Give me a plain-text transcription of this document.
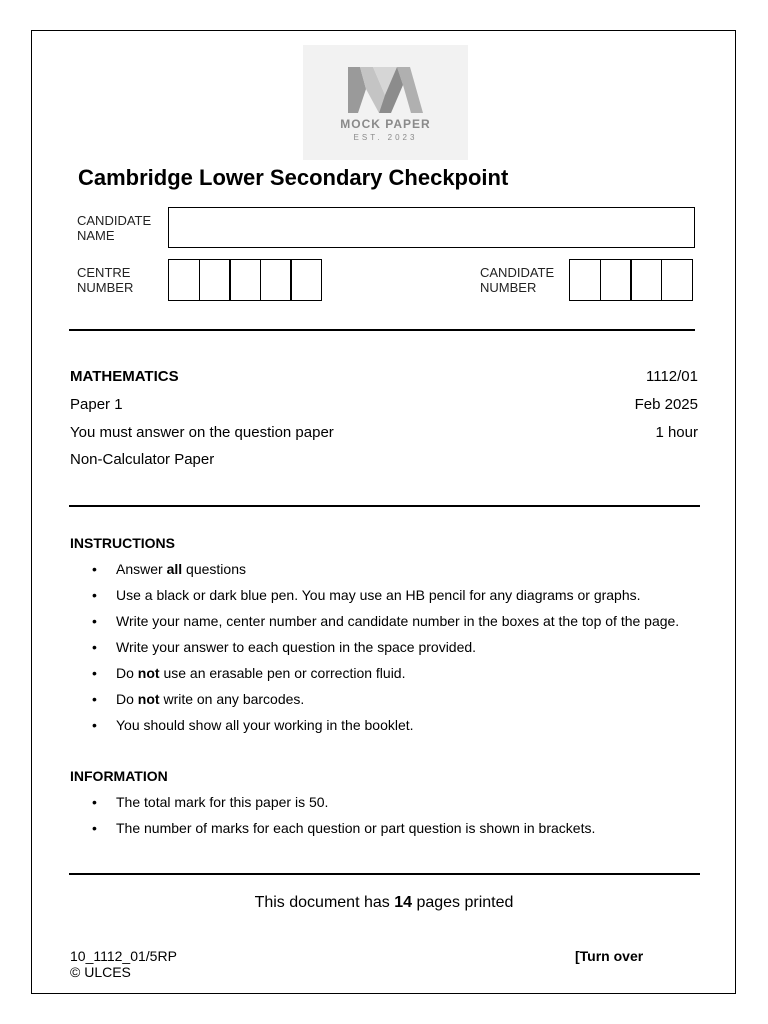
MOCK PAPER
EST. 2023
Cambridge Lower Secondary Checkpoint
CANDIDATE
NAME
CENTRE
NUMBER
CANDIDATE
NUMBER
MATHEMATICS	1112/01
Paper 1	Feb 2025
You must answer on the question paper	1 hour
Non-Calculator Paper
INSTRUCTIONS
• Answer all questions
• Use a black or dark blue pen. You may use an HB pencil for any diagrams or graphs.
• Write your name, center number and candidate number in the boxes at the top of the page.
• Write your answer to each question in the space provided.
• Do not use an erasable pen or correction fluid.
• Do not write on any barcodes.
• You should show all your working in the booklet.
INFORMATION
• The total mark for this paper is 50.
• The number of marks for each question or part question is shown in brackets.
This document has 14 pages printed
10_1112_01/5RP
© ULCES
[Turn over
